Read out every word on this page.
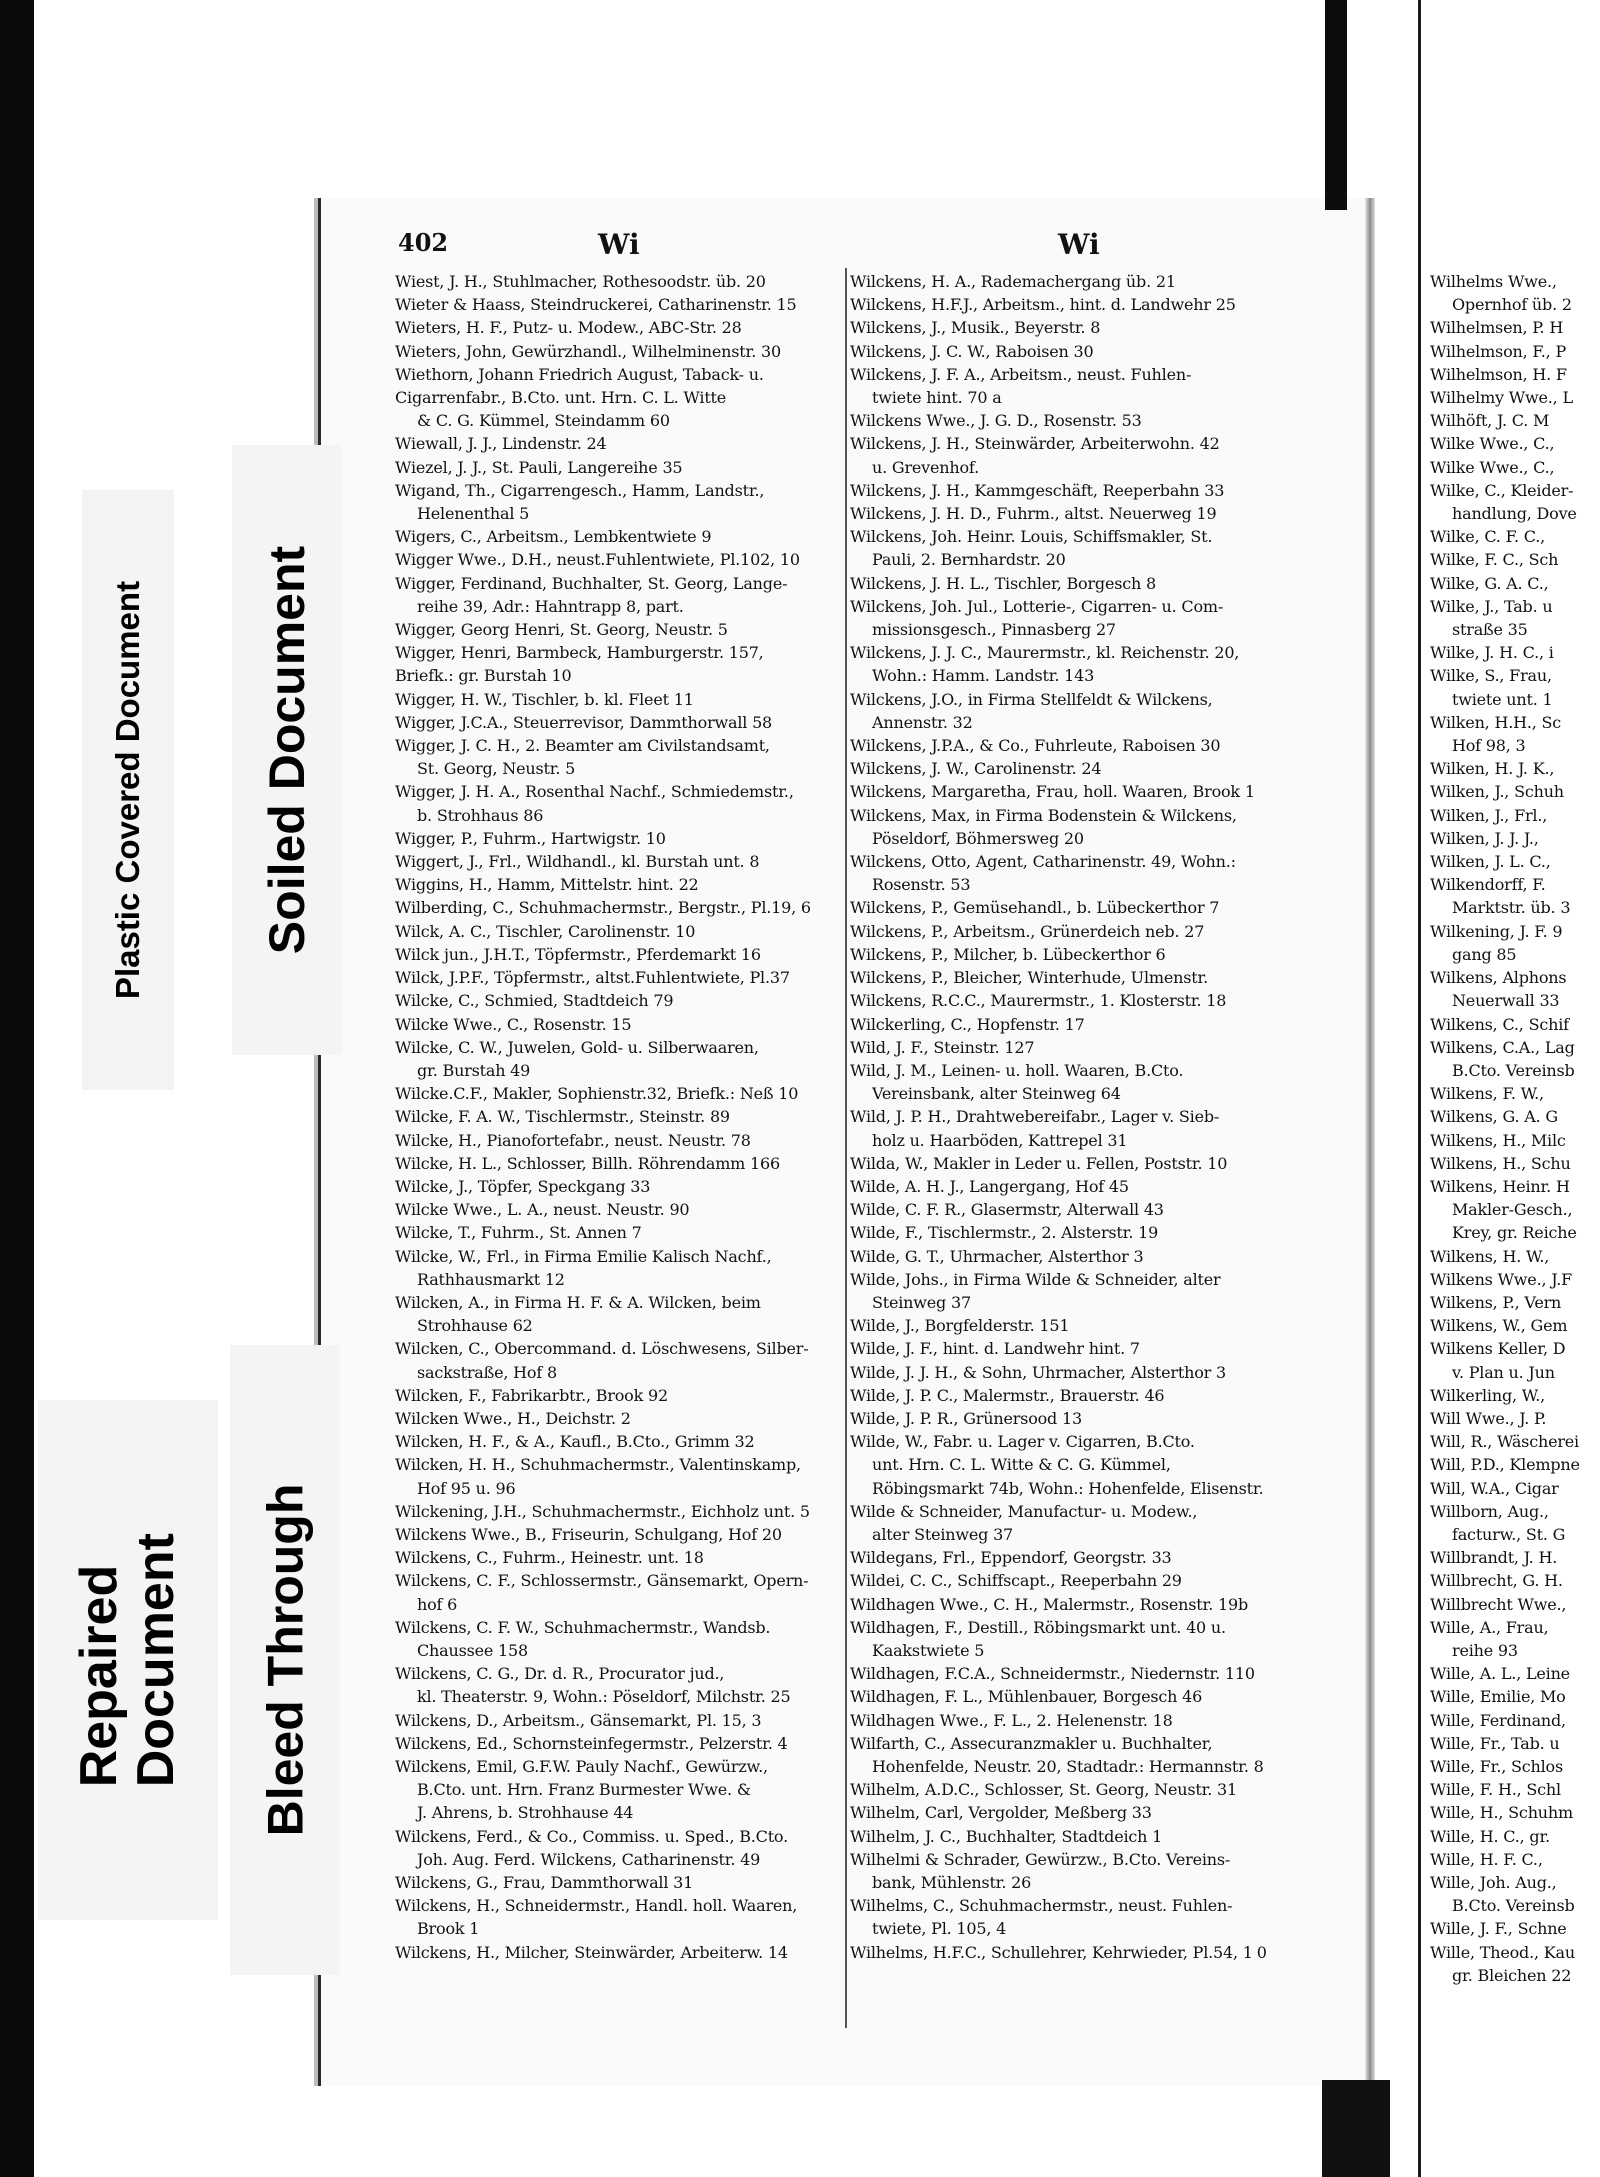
Plastic Covered Document Soiled Document
Repaired Document Bleed Through
402	Wi	Wi
Wiest, J. H., Stuhlmacher, Rothesoodstr. üb. 20
Wieter & Haass, Steindruckerei, Catharinenstr. 15
Wieters, H. F., Putz- u. Modew., ABC-Str. 28
Wieters, John, Gewürzhandl., Wilhelminenstr. 30
Wiethorn, Johann Friedrich August, Taback- u.
Cigarrenfabr., B.Cto. unt. Hrn. C. L. Witte
& C. G. Kümmel, Steindamm 60
Wiewall, J. J., Lindenstr. 24
Wiezel, J. J., St. Pauli, Langereihe 35
Wigand, Th., Cigarrengesch., Hamm, Landstr.,
Helenenthal 5
Wigers, C., Arbeitsm., Lembkentwiete 9
Wigger Wwe., D.H., neust.Fuhlentwiete, Pl.102, 10
Wigger, Ferdinand, Buchhalter, St. Georg, Lange-
reihe 39, Adr.: Hahntrapp 8, part.
Wigger, Georg Henri, St. Georg, Neustr. 5
Wigger, Henri, Barmbeck, Hamburgerstr. 157,
Briefk.: gr. Burstah 10
Wigger, H. W., Tischler, b. kl. Fleet 11
Wigger, J.C.A., Steuerrevisor, Dammthorwall 58
Wigger, J. C. H., 2. Beamter am Civilstandsamt,
St. Georg, Neustr. 5
Wigger, J. H. A., Rosenthal Nachf., Schmiedemstr.,
b. Strohhaus 86
Wigger, P., Fuhrm., Hartwigstr. 10
Wiggert, J., Frl., Wildhandl., kl. Burstah unt. 8
Wiggins, H., Hamm, Mittelstr. hint. 22
Wilberding, C., Schuhmachermstr., Bergstr., Pl.19, 6
Wilck, A. C., Tischler, Carolinenstr. 10
Wilck jun., J.H.T., Töpfermstr., Pferdemarkt 16
Wilck, J.P.F., Töpfermstr., altst.Fuhlentwiete, Pl.37
Wilcke, C., Schmied, Stadtdeich 79
Wilcke Wwe., C., Rosenstr. 15
Wilcke, C. W., Juwelen, Gold- u. Silberwaaren,
gr. Burstah 49
Wilcke.C.F., Makler, Sophienstr.32, Briefk.: Neß 10
Wilcke, F. A. W., Tischlermstr., Steinstr. 89
Wilcke, H., Pianofortefabr., neust. Neustr. 78
Wilcke, H. L., Schlosser, Billh. Röhrendamm 166
Wilcke, J., Töpfer, Speckgang 33
Wilcke Wwe., L. A., neust. Neustr. 90
Wilcke, T., Fuhrm., St. Annen 7
Wilcke, W., Frl., in Firma Emilie Kalisch Nachf.,
Rathhausmarkt 12
Wilcken, A., in Firma H. F. & A. Wilcken, beim
Strohhause 62
Wilcken, C., Obercommand. d. Löschwesens, Silber-
sackstraße, Hof 8
Wilcken, F., Fabrikarbtr., Brook 92
Wilcken Wwe., H., Deichstr. 2
Wilcken, H. F., & A., Kaufl., B.Cto., Grimm 32
Wilcken, H. H., Schuhmachermstr., Valentinskamp,
Hof 95 u. 96
Wilckening, J.H., Schuhmachermstr., Eichholz unt. 5
Wilckens Wwe., B., Friseurin, Schulgang, Hof 20
Wilckens, C., Fuhrm., Heinestr. unt. 18
Wilckens, C. F., Schlossermstr., Gänsemarkt, Opern-
hof 6
Wilckens, C. F. W., Schuhmachermstr., Wandsb.
Chaussee 158
Wilckens, C. G., Dr. d. R., Procurator jud.,
kl. Theaterstr. 9, Wohn.: Pöseldorf, Milchstr. 25
Wilckens, D., Arbeitsm., Gänsemarkt, Pl. 15, 3
Wilckens, Ed., Schornsteinfegermstr., Pelzerstr. 4
Wilckens, Emil, G.F.W. Pauly Nachf., Gewürzw.,
B.Cto. unt. Hrn. Franz Burmester Wwe. &
J. Ahrens, b. Strohhause 44
Wilckens, Ferd., & Co., Commiss. u. Sped., B.Cto.
Joh. Aug. Ferd. Wilckens, Catharinenstr. 49
Wilckens, G., Frau, Dammthorwall 31
Wilckens, H., Schneidermstr., Handl. holl. Waaren,
Brook 1
Wilckens, H., Milcher, Steinwärder, Arbeiterw. 14
Wilckens, H. A., Rademachergang üb. 21
Wilckens, H.F.J., Arbeitsm., hint. d. Landwehr 25
Wilckens, J., Musik., Beyerstr. 8
Wilckens, J. C. W., Raboisen 30
Wilckens, J. F. A., Arbeitsm., neust. Fuhlen-
twiete hint. 70 a
Wilckens Wwe., J. G. D., Rosenstr. 53
Wilckens, J. H., Steinwärder, Arbeiterwohn. 42
u. Grevenhof.
Wilckens, J. H., Kammgeschäft, Reeperbahn 33
Wilckens, J. H. D., Fuhrm., altst. Neuerweg 19
Wilckens, Joh. Heinr. Louis, Schiffsmakler, St.
Pauli, 2. Bernhardstr. 20
Wilckens, J. H. L., Tischler, Borgesch 8
Wilckens, Joh. Jul., Lotterie-, Cigarren- u. Com-
missionsgesch., Pinnasberg 27
Wilckens, J. J. C., Maurermstr., kl. Reichenstr. 20,
Wohn.: Hamm. Landstr. 143
Wilckens, J.O., in Firma Stellfeldt & Wilckens,
Annenstr. 32
Wilckens, J.P.A., & Co., Fuhrleute, Raboisen 30
Wilckens, J. W., Carolinenstr. 24
Wilckens, Margaretha, Frau, holl. Waaren, Brook 1
Wilckens, Max, in Firma Bodenstein & Wilckens,
Pöseldorf, Böhmersweg 20
Wilckens, Otto, Agent, Catharinenstr. 49, Wohn.:
Rosenstr. 53
Wilckens, P., Gemüsehandl., b. Lübeckerthor 7
Wilckens, P., Arbeitsm., Grünerdeich neb. 27
Wilckens, P., Milcher, b. Lübeckerthor 6
Wilckens, P., Bleicher, Winterhude, Ulmenstr.
Wilckens, R.C.C., Maurermstr., 1. Klosterstr. 18
Wilckerling, C., Hopfenstr. 17
Wild, J. F., Steinstr. 127
Wild, J. M., Leinen- u. holl. Waaren, B.Cto.
Vereinsbank, alter Steinweg 64
Wild, J. P. H., Drahtwebereifabr., Lager v. Sieb-
holz u. Haarböden, Kattrepel 31
Wilda, W., Makler in Leder u. Fellen, Poststr. 10
Wilde, A. H. J., Langergang, Hof 45
Wilde, C. F. R., Glasermstr, Alterwall 43
Wilde, F., Tischlermstr., 2. Alsterstr. 19
Wilde, G. T., Uhrmacher, Alsterthor 3
Wilde, Johs., in Firma Wilde & Schneider, alter
Steinweg 37
Wilde, J., Borgfelderstr. 151
Wilde, J. F., hint. d. Landwehr hint. 7
Wilde, J. J. H., & Sohn, Uhrmacher, Alsterthor 3
Wilde, J. P. C., Malermstr., Brauerstr. 46
Wilde, J. P. R., Grünersood 13
Wilde, W., Fabr. u. Lager v. Cigarren, B.Cto.
unt. Hrn. C. L. Witte & C. G. Kümmel,
Röbingsmarkt 74b, Wohn.: Hohenfelde, Elisenstr.
Wilde & Schneider, Manufactur- u. Modew.,
alter Steinweg 37
Wildegans, Frl., Eppendorf, Georgstr. 33
Wildei, C. C., Schiffscapt., Reeperbahn 29
Wildhagen Wwe., C. H., Malermstr., Rosenstr. 19b
Wildhagen, F., Destill., Röbingsmarkt unt. 40 u.
Kaakstwiete 5
Wildhagen, F.C.A., Schneidermstr., Niedernstr. 110
Wildhagen, F. L., Mühlenbauer, Borgesch 46
Wildhagen Wwe., F. L., 2. Helenenstr. 18
Wilfarth, C., Assecuranzmakler u. Buchhalter,
Hohenfelde, Neustr. 20, Stadtadr.: Hermannstr. 8
Wilhelm, A.D.C., Schlosser, St. Georg, Neustr. 31
Wilhelm, Carl, Vergolder, Meßberg 33
Wilhelm, J. C., Buchhalter, Stadtdeich 1
Wilhelmi & Schrader, Gewürzw., B.Cto. Vereins-
bank, Mühlenstr. 26
Wilhelms, C., Schuhmachermstr., neust. Fuhlen-
twiete, Pl. 105, 4
Wilhelms, H.F.C., Schullehrer, Kehrwieder, Pl.54, 1 0
Wilhelms Wwe.,
Opernhof üb. 2
Wilhelmsen, P. H
Wilhelmson, F., P
Wilhelmson, H. F
Wilhelmy Wwe., L
Wilhöft, J. C. M
Wilke Wwe., C.,
Wilke Wwe., C.,
Wilke, C., Kleider-
handlung, Dove
Wilke, C. F. C.,
Wilke, F. C., Sch
Wilke, G. A. C.,
Wilke, J., Tab. u
straße 35
Wilke, J. H. C., i
Wilke, S., Frau,
twiete unt. 1
Wilken, H.H., Sc
Hof 98, 3
Wilken, H. J. K.,
Wilken, J., Schuh
Wilken, J., Frl.,
Wilken, J. J. J.,
Wilken, J. L. C.,
Wilkendorff, F.
Marktstr. üb. 3
Wilkening, J. F. 9
gang 85
Wilkens, Alphons
Neuerwall 33
Wilkens, C., Schif
Wilkens, C.A., Lag
B.Cto. Vereinsb
Wilkens, F. W.,
Wilkens, G. A. G
Wilkens, H., Milc
Wilkens, H., Schu
Wilkens, Heinr. H
Makler-Gesch.,
Krey, gr. Reiche
Wilkens, H. W.,
Wilkens Wwe., J.F
Wilkens, P., Vern
Wilkens, W., Gem
Wilkens Keller, D
v. Plan u. Jun
Wilkerling, W.,
Will Wwe., J. P.
Will, R., Wäscherei
Will, P.D., Klempne
Will, W.A., Cigar
Willborn, Aug.,
facturw., St. G
Willbrandt, J. H.
Willbrecht, G. H.
Willbrecht Wwe.,
Wille, A., Frau,
reihe 93
Wille, A. L., Leine
Wille, Emilie, Mo
Wille, Ferdinand,
Wille, Fr., Tab. u
Wille, Fr., Schlos
Wille, F. H., Schl
Wille, H., Schuhm
Wille, H. C., gr.
Wille, H. F. C.,
Wille, Joh. Aug.,
B.Cto. Vereinsb
Wille, J. F., Schne
Wille, Theod., Kau
gr. Bleichen 22
